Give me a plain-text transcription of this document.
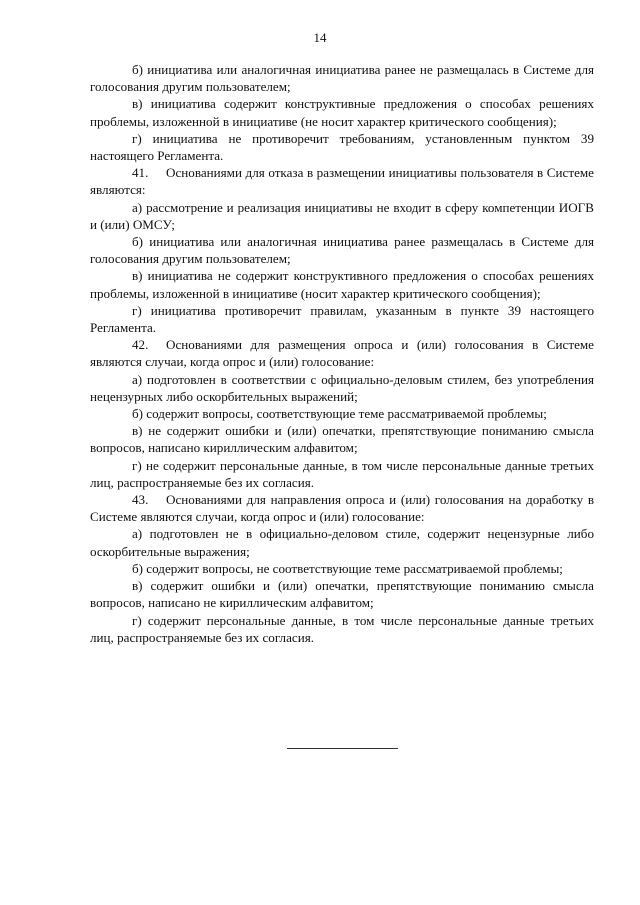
14

б) инициатива или аналогичная инициатива ранее не размещалась в Системе для голосования другим пользователем;

в) инициатива содержит конструктивные предложения о способах решениях проблемы, изложенной в инициативе (не носит характер критического сообщения);

г) инициатива не противоречит требованиям, установленным пунктом 39 настоящего Регламента.

41. Основаниями для отказа в размещении инициативы пользователя в Системе являются:

а) рассмотрение и реализация инициативы не входит в сферу компетенции ИОГВ и (или) ОМСУ;

б) инициатива или аналогичная инициатива ранее размещалась в Системе для голосования другим пользователем;

в) инициатива не содержит конструктивного предложения о способах решениях проблемы, изложенной в инициативе (носит характер критического сообщения);

г) инициатива противоречит правилам, указанным в пункте 39 настоящего Регламента.

42. Основаниями для размещения опроса и (или) голосования в Системе являются случаи, когда опрос и (или) голосование:

а) подготовлен в соответствии с официально-деловым стилем, без употребления нецензурных либо оскорбительных выражений;

б) содержит вопросы, соответствующие теме рассматриваемой проблемы;

в) не содержит ошибки и (или) опечатки, препятствующие пониманию смысла вопросов, написано кириллическим алфавитом;

г) не содержит персональные данные, в том числе персональные данные третьих лиц, распространяемые без их согласия.

43. Основаниями для направления опроса и (или) голосования на доработку в Системе являются случаи, когда опрос и (или) голосование:

а) подготовлен не в официально-деловом стиле, содержит нецензурные либо оскорбительные выражения;

б) содержит вопросы, не соответствующие теме рассматриваемой проблемы;

в) содержит ошибки и (или) опечатки, препятствующие пониманию смысла вопросов, написано не кириллическим алфавитом;

г) содержит персональные данные, в том числе персональные данные третьих лиц, распространяемые без их согласия.
